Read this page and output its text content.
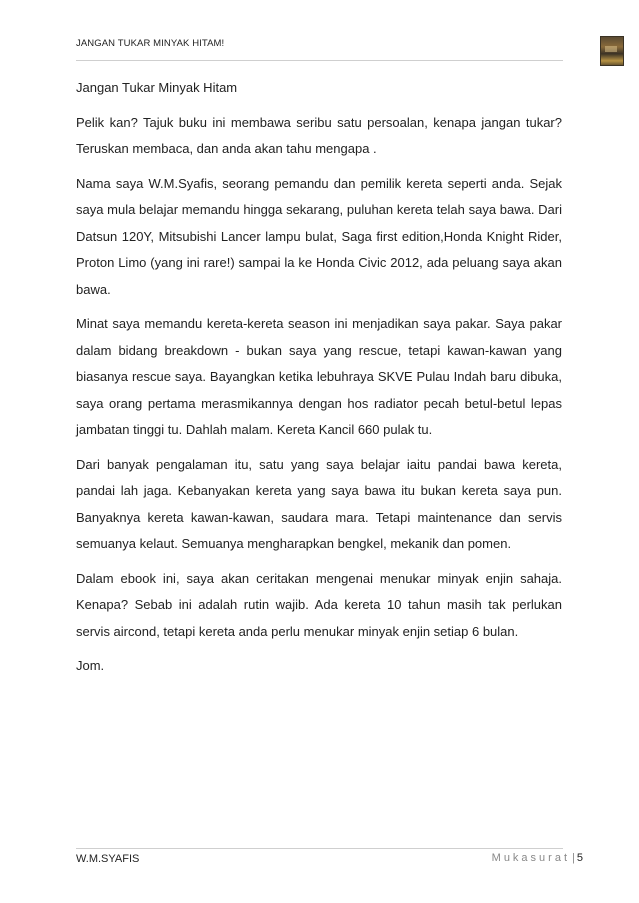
JANGAN TUKAR MINYAK HITAM!
Jangan Tukar Minyak Hitam

Pelik kan? Tajuk buku ini membawa seribu satu persoalan, kenapa jangan tukar? Teruskan membaca, dan anda akan tahu mengapa .

Nama saya W.M.Syafis, seorang pemandu dan pemilik kereta seperti anda. Sejak saya mula belajar memandu hingga sekarang, puluhan kereta telah saya bawa. Dari Datsun 120Y, Mitsubishi Lancer lampu bulat, Saga first edition,Honda Knight Rider, Proton Limo (yang ini rare!) sampai la ke Honda Civic 2012, ada peluang saya akan bawa.

Minat saya memandu kereta-kereta season ini menjadikan saya pakar. Saya pakar dalam bidang breakdown - bukan saya yang rescue, tetapi kawan-kawan yang biasanya rescue saya. Bayangkan ketika lebuhraya SKVE Pulau Indah baru dibuka, saya orang pertama merasmikannya dengan hos radiator pecah betul-betul lepas jambatan tinggi tu. Dahlah malam. Kereta Kancil 660 pulak tu.

Dari banyak pengalaman itu, satu yang saya belajar iaitu pandai bawa kereta, pandai lah jaga. Kebanyakan kereta yang saya bawa itu bukan kereta saya pun. Banyaknya kereta kawan-kawan, saudara mara. Tetapi maintenance dan servis semuanya kelaut. Semuanya mengharapkan bengkel, mekanik dan pomen.

Dalam ebook ini, saya akan ceritakan mengenai menukar minyak enjin sahaja. Kenapa? Sebab ini adalah rutin wajib. Ada kereta 10 tahun masih tak perlukan servis aircond, tetapi kereta anda perlu menukar minyak enjin setiap 6 bulan.

Jom.

W.M.SYAFIS	Mukasurat | 5
